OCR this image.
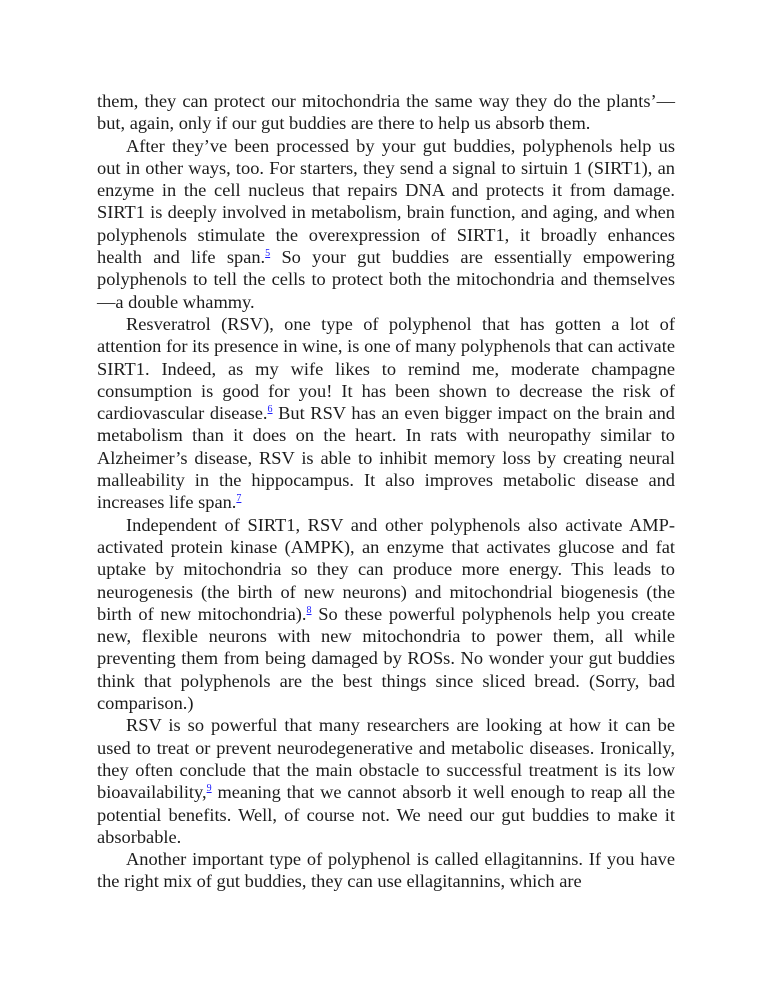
them, they can protect our mitochondria the same way they do the plants’—but, again, only if our gut buddies are there to help us absorb them.

After they’ve been processed by your gut buddies, polyphenols help us out in other ways, too. For starters, they send a signal to sirtuin 1 (SIRT1), an enzyme in the cell nucleus that repairs DNA and protects it from damage. SIRT1 is deeply involved in metabolism, brain function, and aging, and when polyphenols stimulate the overexpression of SIRT1, it broadly enhances health and life span.$^5$ So your gut buddies are essentially empowering polyphenols to tell the cells to protect both the mitochondria and themselves—a double whammy.

Resveratrol (RSV), one type of polyphenol that has gotten a lot of attention for its presence in wine, is one of many polyphenols that can activate SIRT1. Indeed, as my wife likes to remind me, moderate champagne consumption is good for you! It has been shown to decrease the risk of cardiovascular disease.$^6$ But RSV has an even bigger impact on the brain and metabolism than it does on the heart. In rats with neuropathy similar to Alzheimer’s disease, RSV is able to inhibit memory loss by creating neural malleability in the hippocampus. It also improves metabolic disease and increases life span.$^7$

Independent of SIRT1, RSV and other polyphenols also activate AMP-activated protein kinase (AMPK), an enzyme that activates glucose and fat uptake by mitochondria so they can produce more energy. This leads to neurogenesis (the birth of new neurons) and mitochondrial biogenesis (the birth of new mitochondria).$^8$ So these powerful polyphenols help you create new, flexible neurons with new mitochondria to power them, all while preventing them from being damaged by ROSs. No wonder your gut buddies think that polyphenols are the best things since sliced bread. (Sorry, bad comparison.)

RSV is so powerful that many researchers are looking at how it can be used to treat or prevent neurodegenerative and metabolic diseases. Ironically, they often conclude that the main obstacle to successful treatment is its low bioavailability,$^9$ meaning that we cannot absorb it well enough to reap all the potential benefits. Well, of course not. We need our gut buddies to make it absorbable.

Another important type of polyphenol is called ellagitannins. If you have the right mix of gut buddies, they can use ellagitannins, which are
